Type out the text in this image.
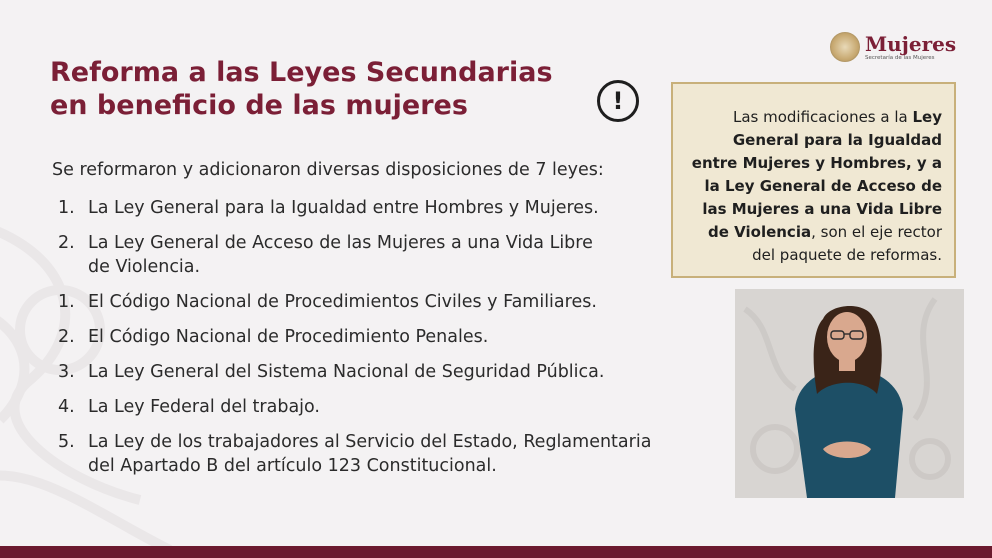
Reforma a las Leyes Secundarias
en beneficio de las mujeres	!
Se reformaron y adicionaron diversas disposiciones de 7 leyes:
1. La Ley General para la Igualdad entre Hombres y Mujeres.
2. La Ley General de Acceso de las Mujeres a una Vida Libre de Violencia.
1. El Código Nacional de Procedimientos Civiles y Familiares.
2. El Código Nacional de Procedimiento Penales.
3. La Ley General del Sistema Nacional de Seguridad Pública.
4. La Ley Federal del trabajo.
5. La Ley de los trabajadores al Servicio del Estado, Reglamentaria del Apartado B del artículo 123 Constitucional.
Mujeres
Secretaría de las Mujeres
Las modificaciones a la Ley General para la Igualdad entre Mujeres y Hombres, y a la Ley General de Acceso de las Mujeres a una Vida Libre de Violencia, son el eje rector del paquete de reformas.
